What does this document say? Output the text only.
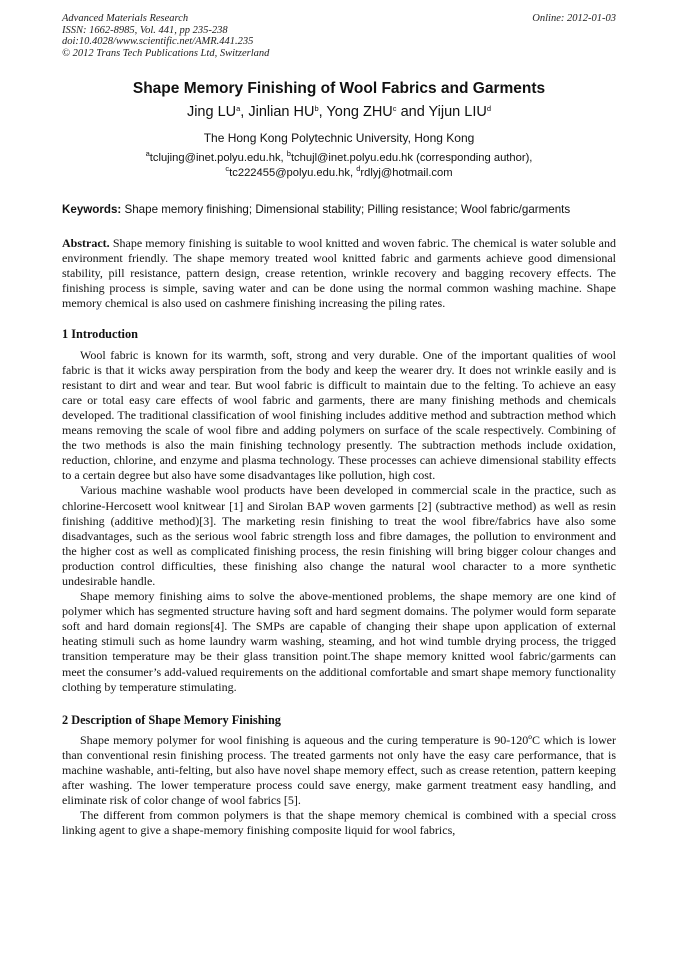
Advanced Materials Research
ISSN: 1662-8985, Vol. 441, pp 235-238
doi:10.4028/www.scientific.net/AMR.441.235
© 2012 Trans Tech Publications Ltd, Switzerland
Online: 2012-01-03
Shape Memory Finishing of Wool Fabrics and Garments
Jing $LU^a$, Jinlian $HU^b$, Yong ZHU$^c$ and Yijun LIU$^d$
The Hong Kong Polytechnic University, Hong Kong
$^a$tclujing@inet.polyu.edu.hk, $^b$tchujl@inet.polyu.edu.hk (corresponding author),
$^c$tc222455@polyu.edu.hk, $^d$rdlyj@hotmail.com
Keywords: Shape memory finishing; Dimensional stability; Pilling resistance; Wool fabric/garments

Abstract. Shape memory finishing is suitable to wool knitted and woven fabric. The chemical is water soluble and environment friendly. The shape memory treated wool knitted fabric and garments achieve good dimensional stability, pill resistance, pattern design, crease retention, wrinkle recovery and bagging recovery effects. The finishing process is simple, saving water and can be done using the normal common washing machine. Shape memory chemical is also used on cashmere finishing increasing the piling rates.

1 Introduction

Wool fabric is known for its warmth, soft, strong and very durable. One of the important qualities of wool fabric is that it wicks away perspiration from the body and keep the wearer dry. It does not wrinkle easily and is resistant to dirt and wear and tear. But wool fabric is difficult to maintain due to the felting. To achieve an easy care or total easy care effects of wool fabric and garments, there are many finishing methods and chemicals developed. The traditional classification of wool finishing includes additive method and subtraction method which means removing the scale of wool fibre and adding polymers on surface of the scale respectively. Combining of the two methods is also the main finishing technology presently. The subtraction methods include oxidation, reduction, chlorine, and enzyme and plasma technology. These processes can achieve dimensional stability effects to a certain degree but also have some disadvantages like pollution, high cost.

Various machine washable wool products have been developed in commercial scale in the practice, such as chlorine-Hercosett wool knitwear [1] and Sirolan BAP woven garments [2] (subtractive method) as well as resin finishing (additive method)[3]. The marketing resin finishing to treat the wool fibre/fabrics have also some disadvantages, such as the serious wool fabric strength loss and fibre damages, the pollution to environment and the higher cost as well as complicated finishing process, the resin finishing will bring bigger colour changes and production control difficulties, these finishing also change the natural wool character to a more synthetic undesirable handle.

Shape memory finishing aims to solve the above-mentioned problems, the shape memory are one kind of polymer which has segmented structure having soft and hard segment domains. The polymer would form separate soft and hard domain regions[4]. The SMPs are capable of changing their shape upon application of external heating stimuli such as home laundry warm washing, steaming, and hot wind tumble drying process, the trigged transition temperature may be their glass transition point.The shape memory knitted wool fabric/garments can meet the consumer’s add-valued requirements on the additional comfortable and smart shape memory functionality clothing by temperature stimulating.

2 Description of Shape Memory Finishing

Shape memory polymer for wool finishing is aqueous and the curing temperature is 90-120ºC which is lower than conventional resin finishing process. The treated garments not only have the easy care performance, that is machine washable, anti-felting, but also have novel shape memory effect, such as crease retention, pattern keeping after washing. The lower temperature process could save energy, make garment treatment easy handling, and eliminate risk of color change of wool fabrics [5].

The different from common polymers is that the shape memory chemical is combined with a special cross linking agent to give a shape-memory finishing composite liquid for wool fabrics,
